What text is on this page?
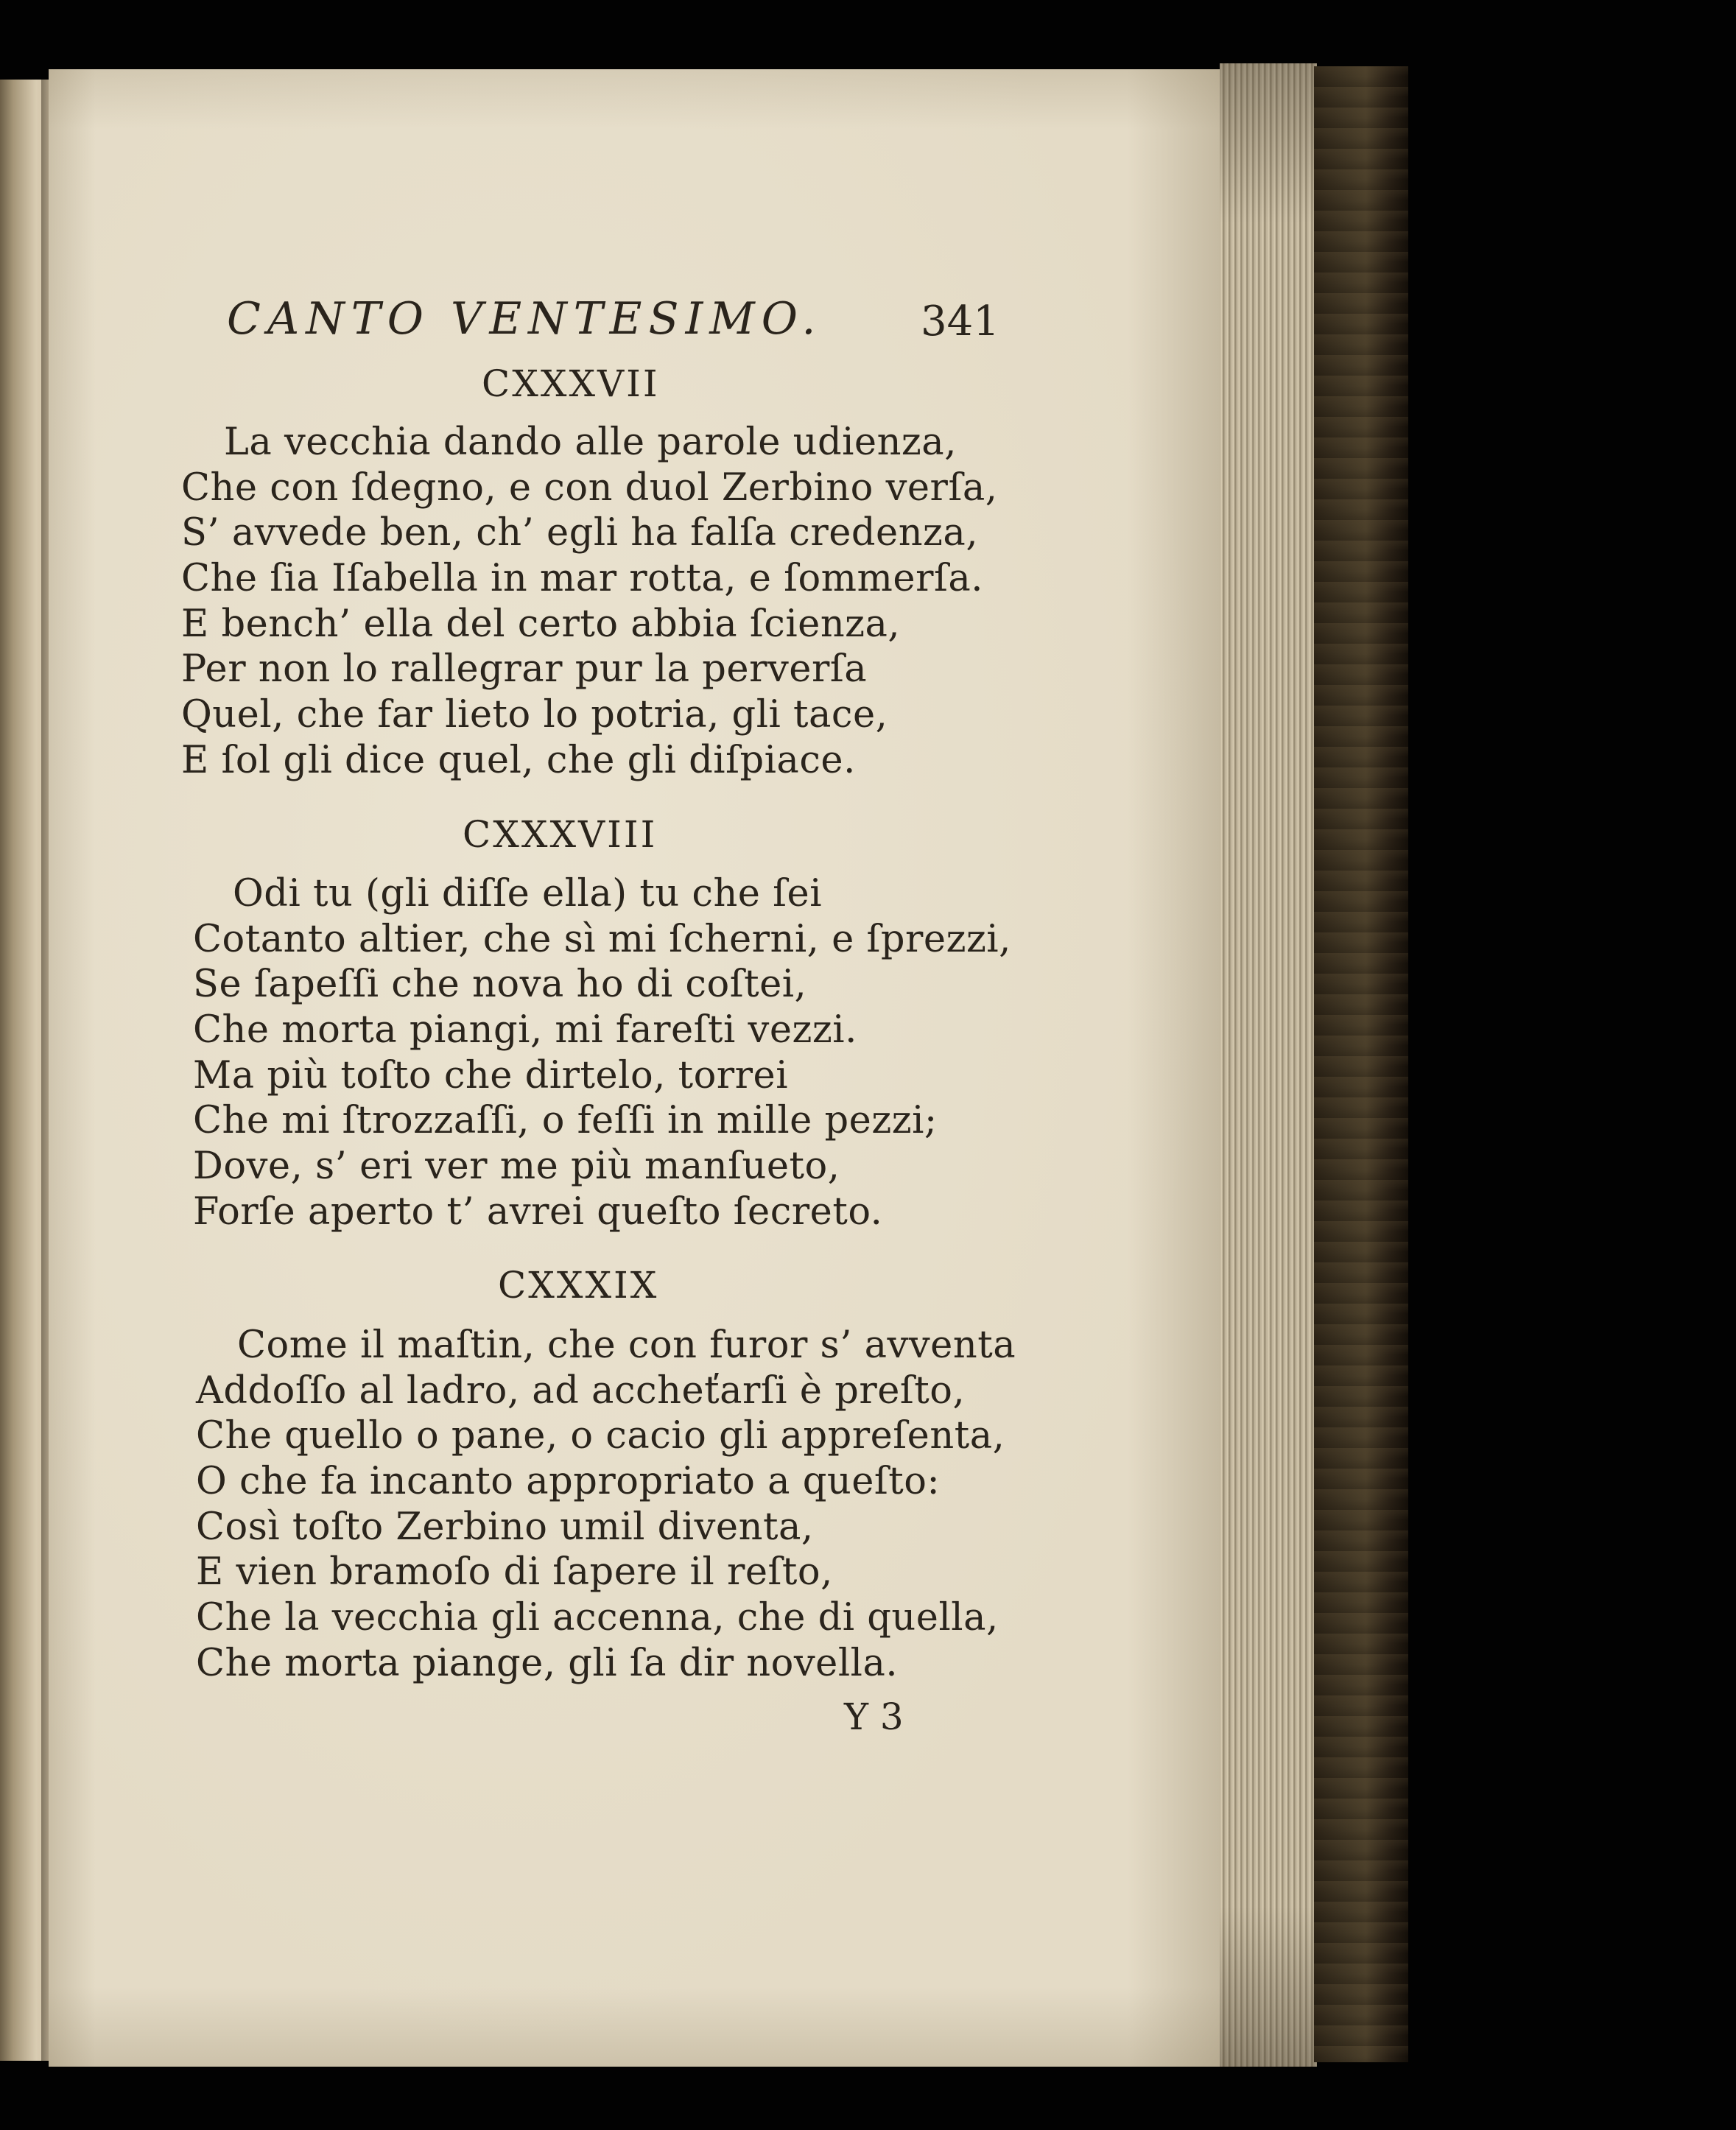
CANTO VENTESIMO. 341
CXXXVII

La vecchia dando alle parole udienza,

Che con ſdegno, e con duol Zerbino verſa,

S’ avvede ben, ch’ egli ha falſa credenza,

Che ſia Iſabella in mar rotta, e ſommerſa.

E bench’ ella del certo abbia ſcienza,

Per non lo rallegrar pur la perverſa

Quel, che far lieto lo potria, gli tace,

E ſol gli dice quel, che gli diſpiace.

CXXXVIII

Odi tu (gli diſſe ella) tu che ſei

Cotanto altier, che sì mi ſcherni, e ſprezzi,

Se ſapeſſi che nova ho di coſtei,

Che morta piangi, mi fareſti vezzi.

Ma più toſto che dirtelo, torrei

Che mi ſtrozzaſſi, o feſſi in mille pezzi;

Dove, s’ eri ver me più manſueto,

Forſe aperto t’ avrei queſto ſecreto.

CXXXIX

Come il maſtin, che con furor s’ avventa

Addoſſo al ladro, ad accheťarſi è preſto,

Che quello o pane, o cacio gli appreſenta,

O che fa incanto appropriato a queſto:

Così toſto Zerbino umil diventa,

E vien bramoſo di ſapere il reſto,

Che la vecchia gli accenna, che di quella,

Che morta piange, gli ſa dir novella.

Y 3
